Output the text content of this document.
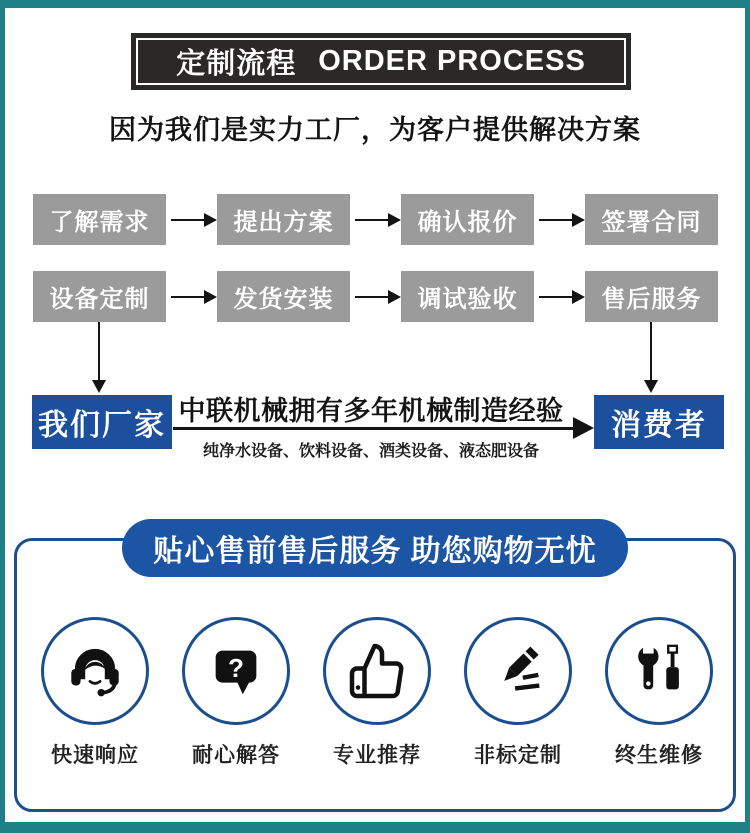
定制流程 ORDER PROCESS
因为我们是实力工厂，为客户提供解决方案
了解需求	提出方案	确认报价	签署合同
设备定制	发货安装	调试验收	售后服务
我们厂家	消费者
中联机械拥有多年机械制造经验
纯净水设备、饮料设备、酒类设备、液态肥设备
贴心售前售后服务 助您购物无忧
快速响应
?
耐心解答	专业推荐	非标定制	终生维修
